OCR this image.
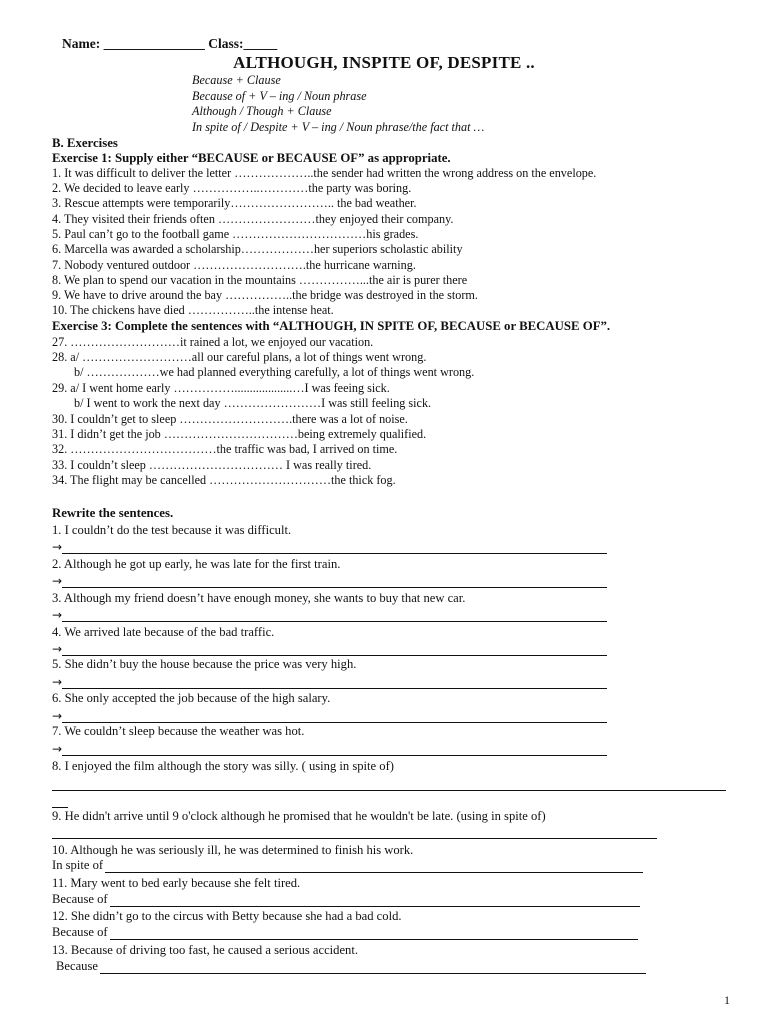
Name: _______________ Class:_____
ALTHOUGH, INSPITE OF, DESPITE ..
Because + Clause
Because of + V – ing / Noun phrase
Although / Though + Clause
In spite of / Despite + V – ing / Noun phrase/the fact that …
B. Exercises
Exercise 1: Supply either “BECAUSE or BECAUSE OF” as appropriate.
1. It was difficult to deliver the letter ………………..the sender had written the wrong address on the envelope.
2. We decided to leave early ……………..…………the party was boring.
3. Rescue attempts were temporarily…………………….. the bad weather.
4. They visited their friends often ……………………they enjoyed their company.
5. Paul can’t go to the football game ……………………………his grades.
6. Marcella was awarded a scholarship………………her superiors scholastic ability
7. Nobody ventured outdoor ……………………….the hurricane warning.
8. We plan to spend our vacation in the mountains ……………...the air is purer there
9. We have to drive around the bay ……………..the bridge was destroyed in the storm.
10. The chickens have died ……………..the intense heat.
Exercise 3: Complete the sentences with “ALTHOUGH, IN SPITE OF, BECAUSE or BECAUSE OF”.
27. ………………………it rained a lot, we enjoyed our vacation.
28. a/ ………………………all our careful plans, a lot of things went wrong.
b/ ………………we had planned everything carefully, a lot of things went wrong.
29. a/ I went home early ……………...................…I was feeing sick.
b/ I went to work the next day ……………………I was still feeling sick.
30. I couldn’t get to sleep ……………………….there was a lot of noise.
31. I didn’t get the job ……………………………being extremely qualified.
32. ………………………………the traffic was bad, I arrived on time.
33. I couldn’t sleep …………………………… I was really tired.
34. The flight may be cancelled …………………………the thick fog.
Rewrite the sentences.
1. I couldn’t do the test because it was difficult.
→
2. Although he got up early, he was late for the first train.
→
3. Although my friend doesn’t have enough money, she wants to buy that new car.
→
4. We arrived late because of the bad traffic.
→
5. She didn’t buy the house because the price was very high.
→
6. She only accepted the job because of the high salary.
→
7. We couldn’t sleep because the weather was hot.
→
8. I enjoyed the film although the story was silly. ( using in spite of)
9. He didn't arrive until 9 o'clock although he promised that he wouldn't be late. (using in spite of)
10. Although he was seriously ill, he was determined to finish his work.
In spite of
11. Mary went to bed early because she felt tired.
Because of
12. She didn’t go to the circus with Betty because she had a bad cold.
Because of
13. Because of driving too fast, he caused a serious accident.
Because
1
